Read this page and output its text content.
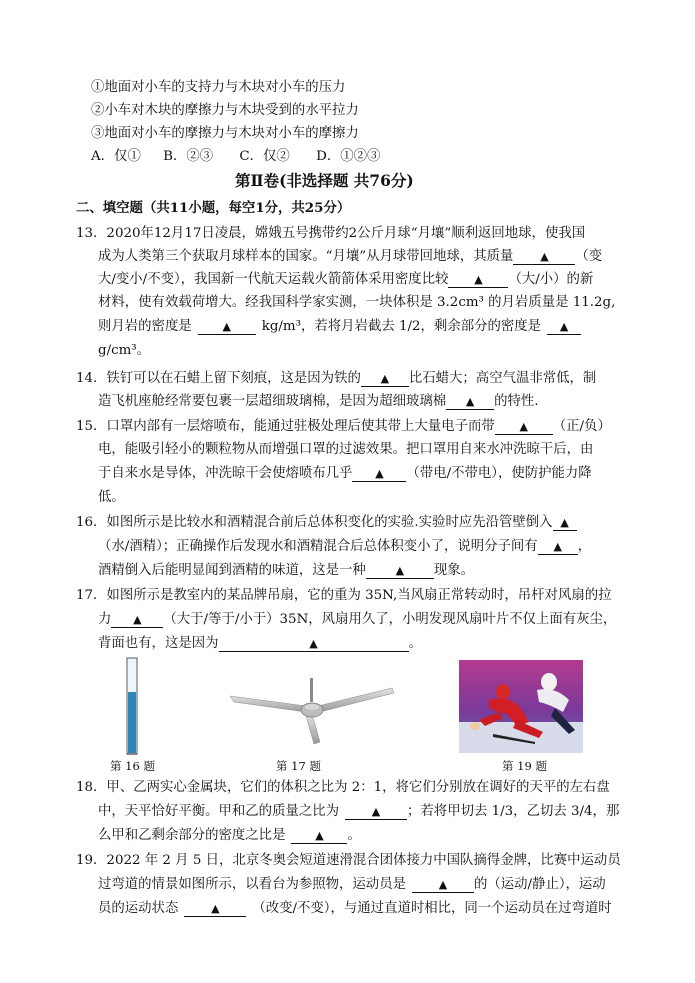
①地面对小车的支持力与木块对小车的压力
②小车对木块的摩擦力与木块受到的水平拉力
③地面对小车的摩擦力与木块对小车的摩擦力
A．仅① B．②③ C．仅② D．①②③
第Ⅱ卷(非选择题 共76分)
二、填空题（共11小题，每空1分，共25分）
13．2020年12月17日凌晨，嫦娥五号携带约2公斤月球“月壤”顺利返回地球，使我国
成为人类第三个获取月球样本的国家。“月壤”从月球带回地球，其质量 ▲ （变
大/变小/不变），我国新一代航天运载火箭箭体采用密度比较 ▲ （大/小）的新
材料，使有效载荷增大。经我国科学家实测，一块体积是 3.2cm³ 的月岩质量是 11.2g,
则月岩的密度是	▲ kg/m³，若将月岩截去 1/2，剩余部分的密度是 ▲
g/cm³。
14．铁钉可以在石蜡上留下刻痕，这是因为铁的 ▲ 比石蜡大；高空气温非常低，制
造飞机座舱经常要包裹一层超细玻璃棉，是因为超细玻璃棉 ▲ 的特性．
15．口罩内部有一层熔喷布，能通过驻极处理后使其带上大量电子而带 ▲ （正/负）
电，能吸引轻小的颗粒物从而增强口罩的过滤效果。把口罩用自来水冲洗晾干后，由
于自来水是导体，冲洗晾干会使熔喷布几乎 ▲ （带电/不带电），使防护能力降
低。
16．如图所示是比较水和酒精混合前后总体积变化的实验.实验时应先沿管壁倒入 ▲
（水/酒精）；正确操作后发现水和酒精混合后总体积变小了，说明分子间有 ▲ ，
酒精倒入后能明显闻到酒精的味道，这是一种	▲ 现象。
17．如图所示是教室内的某品牌吊扇，它的重为 35N,当风扇正常转动时，吊杆对风扇的拉
力 ▲ （大于/等于/小于）35N，风扇用久了，小明发现风扇叶片不仅上面有灰尘，
背面也有，这是因为	▲	。
第 16 题	第 17 题	第 19 题
18．甲、乙两实心金属块，它们的体积之比为 2：1，将它们分别放在调好的天平的左右盘
中，天平恰好平衡。甲和乙的质量之比为	▲ ；若将甲切去 1/3，乙切去 3/4，那
么甲和乙剩余部分的密度之比是	▲ 。
19．2022 年 2 月 5 日，北京冬奥会短道速滑混合团体接力中国队摘得金牌，比赛中运动员
过弯道的情景如图所示，以看台为参照物，运动员是	▲ 的（运动/静止），运动
员的运动状态	▲ （改变/不变），与通过直道时相比，同一个运动员在过弯道时
